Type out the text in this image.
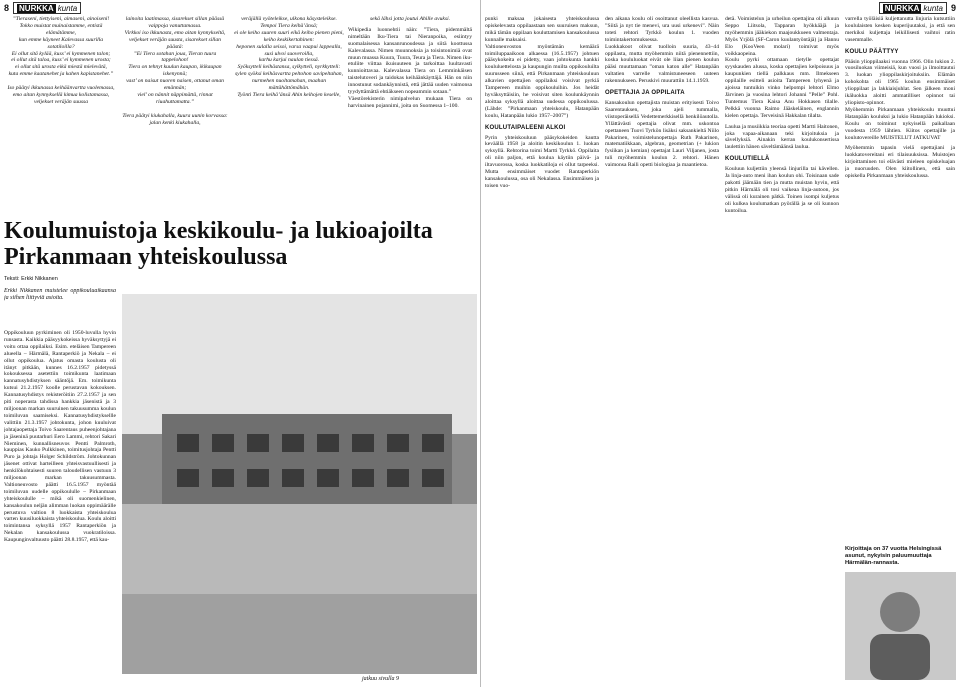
8 NURKKA kunta
”Tieraseni, tiettyiseni, aimaseni, ainoiseni!
Tokko muistat muinaistamme, entistä elämätämme,
kun emme käyneet Kalevassa suurilla sotatiloilla?
Ei ollut sitä kylää, kuss’ ei kymmenen talon;
ei ollut sitä taloa, kuss’ ei kymmenen urosta;
ei ollut sitä urosta eikä miestä mielevätä,
kuta emme kaatanehet ja kahen kapistanehet.”

Iso päätyi ikkunassa keihäänvartta vuolemassa,
emo aitan kynnyksellä kimua kolistamassa,
veljekset veräjän suussa
lainoita laatimassa, sisarekset sillan päässä vaippoja vanuttamassa.
Virkkoi iso ikkunasta, emo aitan kynnykseltä, veljekset veräjän suusta, sisarekset sillan päästä:
”Ei Tiera sotahan joua, Tieran tuura tappelohon!
Tiera on tehnyt kuulun kaupan, ikikaupan iskenynnä;
vast’ on naisut nuoren naisen, ottanut oman emännän;
viel’ on nännit näppimättä, rinnat riuahuttamatta.”

Tiera päätyi kiukahalla, kuura uunin korvassa:
jalan kenki kiukahalla,
veräjällä vyöteleikse, ulkona käsysteleikse. Tempoi Tiera keihä’änsä;
ei ole keiho suuren suuri eikä keiho pienen pieni, keiho keskikertahinen:
heponen sulalla seisoi, varsa vaapui lappealla, susi ulvoi suoveroilla,
karhu karjui naulan tiessä.
Syöksytteli keihästansa, sylkytteli, nyrkkytteli: sylen syöksi keihäsvartta peltohon savipeltahan, nurmehen nuoltamahan, maahan mättähättömähän.
Työnti Tiera keihä’änsä Ahin keihojen keselle,
sekä lähsi jotta joutui Ahille avuksi.
Wikipedia luonnehtii näin: ”Tiera, pidemmältä nimeltään Iku-Tiera tai Nieranpoika, esiintyy suomalaisessa kansanrunoudessa ja siitä koottussa Kalevalassa. Nimen muunnoksia ja toisintonimiä ovat muun muassa Kuura, Tuura, Teura ja Tiera. Nimen iku-etuliite viittaa ikuisuuteen ja tarkoittaa luultavasti kunnioittavaa. Kalevalassa Tiera on Lemminkäisen taistelutoveri ja taidokas keihäänkäyttäjä. Hän on niin innostunut sodankäynnistä, että jättää uuden vaimonsa tyydyttämättä ehtiäkseen nopeammin sotaan.”
Väestörekisterin nimipalvelun mukaan Tiera on harvinainen pojannimi, joita on Suomessa 1–100.
Koulumuistoja keskikoulu- ja lukioajoilta Pirkanmaan yhteiskoulussa
Teksti: Erkki Nikkanen
Erkki Nikkanen muistelee oppikouluaikaansa ja siihen liittyviä asioita.
Oppikouluun pyrkiminen oli 1950-luvulla hyvin runsasta. Kaikkia pääsyykokeissa hyväksyttyjä ei voitu ottaa oppilaiksi. Esim. eteläisen Tampereen alueella – Härmälä, Rantaperkiö ja Nekala – ei ollut oppikoulua. Ajatus omasta koulusta oli itänyt pitkään, kunnes 16.2.1957 pidetyssä kokouksessa asetettiin toimikunta laatimaan kannatusyhdistyksen sääntöjä. Em. toimikunta kutsui 21.2.1957 koolle perustavan kokouksen. Kannatusyhdistys rekisteröitiin 27.2.1957 ja sen piti noperasta tahdissa hankkia jäsenistä ja 3 miljoonan markan suuruinen takuusumma koulun toimiluvan saamiseksi. Kannatusyhdistyksellle valittiin 21.3.1957 johtokunta, johon kuuluivat johtajaopettaja Toivo Saarentaus puheenjohtajana ja jäseninä puutarhuri Eero Lammi, rehtori Sakari Nieminen, kunnallisneuvos Pentti Palmroth, kauppias Kauko Pulkkinen, toimitusjohtaja Pentti Puro ja johtaja Holger Schildström. Johtokunnan jäsenet ottivat harteilleen yhteisvastuullisesti ja henkilökohtaisesti suuren taloudellisen vastuun 3 miljoonan markan takuusummasta. Valtioneuvosto päätti 16.5.1957 myöntää toimiluvan uudelle oppikoululle – Pirkanmaan yhteiskoululle – mikä oli suomenkielinen, kansakoulun neljän alimman luokan oppimäärälle perustuva valtion 8 luokkaista yhteiskoulua varten kuusiluokkaista yhteiskoulua. Koulu aloitti toimintansa syksyllä 1957 Rantaperkiön ja Nekalan kansakoulussa vuokratiloissa. Kaupunginvaltuusto päätti 28.8.1957, että kau-
jatkuu sivulla 9
NURKKA kunta 9
punki maksaa jokaisesta yhteiskoulussa opiskelevasta oppilaastaan sen suuruisen maksun, mikä tämän oppilaan kouluttamisen kansakoulussa kunnalle maksaisi.
Valtioneuvoston myöntämän kemäärä toimiluppaaikoon alkaessa (16.5.1957) johtuen pääsykokeita ei pidetty, vaan johtokunta hankki koululuettelosta ja kaupungin muilta oppikouluilta suurusseen siinä, että Pirkanmaan yhteiskouluun alkavien opettajien oppilaiksi voisivat pyrkiä Tampereen muihin oppikouluihin. Jos heidät hyväksyttäisiin, he voisivat siten koulunkäynnin aloittaa syksyllä aloittaa uudessa oppikoulussa. (Lähde: ”Pirkanmaan yhteiskoulu, Hatanpään koulu, Hatanpään lukio 1957–2007”)
KOULUTAIPALEENI ALKOI
Pyrin yhteiskouluun pääsykokeiden kautta keväällä 1958 ja aloitin keskikoulun 1. luokan syksyllä. Rehtorina toimi Martti Tyrkkö. Oppilaita oli niin paljon, että koulua käytiin päivä- ja iltavuorossa, koska luokkatiloja ei ollut tarpeeksi. Mutta ensimmäiset vuodet Rantaperkiön kansakoulussa, osa oli Nekalassa. Ensimmäisen ja toisen vuo-
den aikana koulu oli osoittanut oleellista kasvua. ”Siitä ja nyt tie menevi, ura uusi urkenevi”. Näin toteti rehtori Tyrkkö koulun 1. vuoden toimintakertomuksessa.
Luokkakoot olivat tuolloin suuria, 43–44 oppilasta, mutta myöhemmin niitä pienennettiin, koska koululuokat eivät ole liian pienen koulun pääsi muuttamaan ”oman katon alle” Hatanpään valtatien varrelle valmistuneeseen uuteen rakennukseen. Peruskivi muurattiin 14.1.1959.
OPETTAJIA JA OPPILAITA
Kansakoulun opettajista muistan erityisesti Toivo Saarentauksen, joka ajeli tummalla, viistoperäisellä Vedettemerkkisellä henkilöautolla. Yllättävästi opettajia olivat mm. uskontoa opettaneen Tuovi Tyrkön lisäksi saksankieltä Niilo Pakarinen, voimistelunopettaja Ruth Pakarinen, matematiikkaan, algebran, geometrian (+ lukion fysiikan ja kemian) opettajat Lauri Viljanen, josta tuli myöhemmin koulun 2. rehtori. Hänen vaimonsa Raili opetti biologiaa ja maantietoa.
detä. Voimistelun ja urheilun opettajina oli alkuun Seppo Liitsola, Tapparan hyökkääjä ja myöhemmin jääkiekon maajoukkueen valmentaja. Myös Yrjölä (SF-Caron kuulantyöntäjä) ja Hannu Elo (KooVeen molari) toimivat myös voikkaopeina.
Koulu pyrki ottamaan tietylle opettajat syyskauden alussa, koska opettajien kelpoisuus ja kaupunkien tiellä palkkaus mm. Ilmekseen oppilaille esitteli asioita Tampereen lyhyenä ja ajoissa tuntuikin vinko helpompi lehtori Elmo Järvinen ja vuosina lehtori Johanni ”Pelle” Pohl. Tuntemus Tiera Kaisa Anu Hokkasen tilalle. Pelkkä vuonna Raimo Jääskeläinen, englannin kielen opettaja. Terveisinä Hakkalan tilalta.
Laulua ja musiikkia teoriaa opetti Martti Haitonen, joka vapaa-aikanaan teki kirjoituksia ja sävellyksiä. Ainakin kerran koulukonsertissa laulettiin hänen säveltämäänsä laulua.
KOULUTIELLÄ
Kouluun kuljettiin yleensä linjurilla tai kävellen. Ja linja-auto meni ihan koulun ohi. Toisinaan sade pakotti jäämään tien ja mutta muistan hyvin, että pitkin Härmälä oli tosi vaikeaa linja-autoon, jos välissä oli kurainen pätkä. Toinen isompi kuljetus oli kulkea koulumatkan pyörällä ja se oli kunnon kuntoilua.
varrella työläisiä kuljettanutta linjuria kutsuttiin koululaisten kesken kuperijuutaksi, ja että sen merkiksi kuljettaja leikillisesti vaihtoi ratin vasemmalle.
KOULU PÄÄTTYY
Pääsin ylioppilaaksi vuonna 1966. Olin lukion 2. vuosiluokan viimeisiä, kun vuosi ja ilmoittautui 3. luokan ylioppilaskirjoituksiin. Elämän kohokohta oli 1965 koulun ensimmäiset ylioppilaat ja lakkiaisjuhlat. Sen jälkeen moni ikäluokka aloitti ammatilliset opinnot tai yliopisto-opinnot.
Myöhemmin Pirkanmaan yhteiskoulu muuttui Hatanpään kouluksi ja lukio Hatanpään lukioksi. Koulu on toiminut nykyisellä paikallaan vuodesta 1959 lähtien. Kiitos opettajille ja koulutovereille MUISTELUT JATKUVAT
Myöhemmin tapasin vielä opettajiani ja luokkatovereitani eri tilaisuuksissa. Muistojen kirjoittaminen toi elävästi mieleen opiskeluajan ja nuoruuden. Olen kiitollinen, että sain opiskella Pirkanmaan yhteiskoulussa.
Kirjoittaja on 37 vuotta Helsingissä asunut, nykyisin paluumuuttaja Härmälän-rannasta.
